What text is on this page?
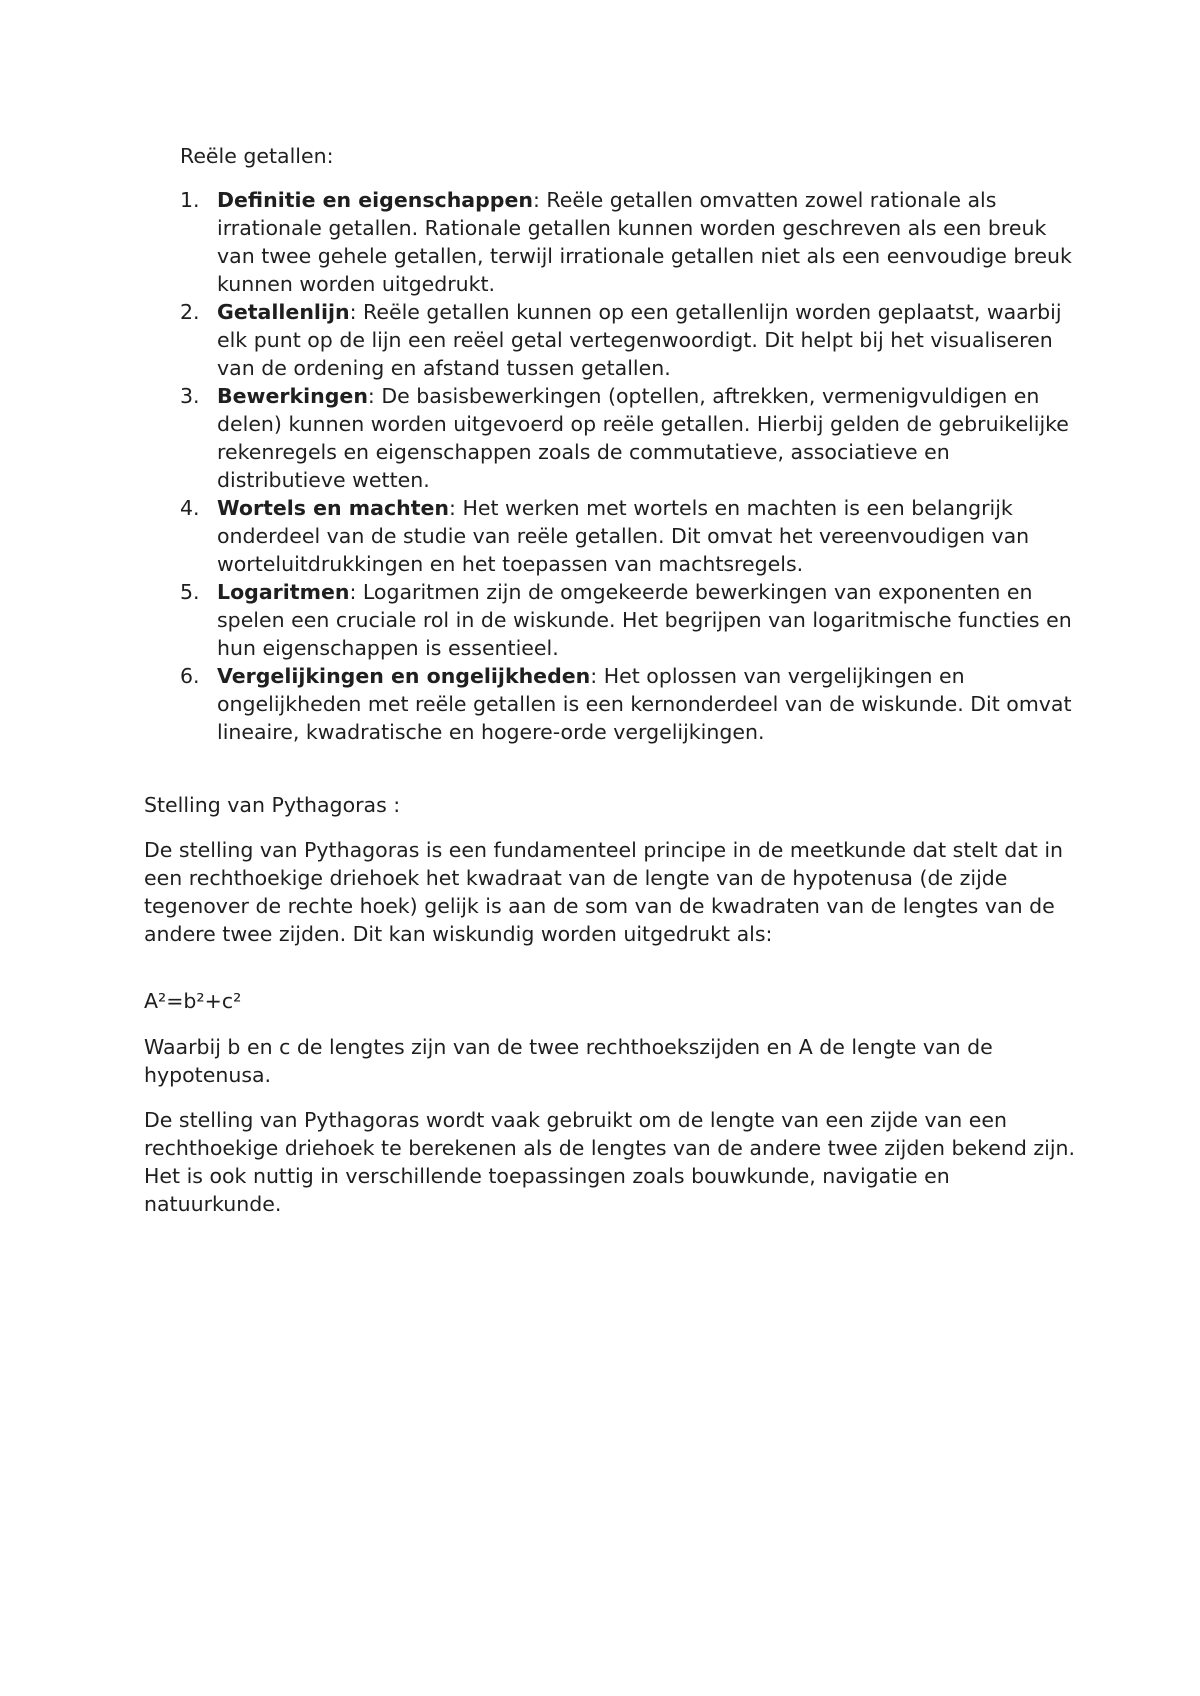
Reële getallen:

1. Definitie en eigenschappen: Reële getallen omvatten zowel rationale als irrationale getallen. Rationale getallen kunnen worden geschreven als een breuk van twee gehele getallen, terwijl irrationale getallen niet als een eenvoudige breuk kunnen worden uitgedrukt.
2. Getallenlijn: Reële getallen kunnen op een getallenlijn worden geplaatst, waarbij elk punt op de lijn een reëel getal vertegenwoordigt. Dit helpt bij het visualiseren van de ordening en afstand tussen getallen.
3. Bewerkingen: De basisbewerkingen (optellen, aftrekken, vermenigvuldigen en delen) kunnen worden uitgevoerd op reële getallen. Hierbij gelden de gebruikelijke rekenregels en eigenschappen zoals de commutatieve, associatieve en distributieve wetten.
4. Wortels en machten: Het werken met wortels en machten is een belangrijk onderdeel van de studie van reële getallen. Dit omvat het vereenvoudigen van worteluitdrukkingen en het toepassen van machtsregels.
5. Logaritmen: Logaritmen zijn de omgekeerde bewerkingen van exponenten en spelen een cruciale rol in de wiskunde. Het begrijpen van logaritmische functies en hun eigenschappen is essentieel.
6. Vergelijkingen en ongelijkheden: Het oplossen van vergelijkingen en ongelijkheden met reële getallen is een kernonderdeel van de wiskunde. Dit omvat lineaire, kwadratische en hogere-orde vergelijkingen.

Stelling van Pythagoras :

De stelling van Pythagoras is een fundamenteel principe in de meetkunde dat stelt dat in een rechthoekige driehoek het kwadraat van de lengte van de hypotenusa (de zijde tegenover de rechte hoek) gelijk is aan de som van de kwadraten van de lengtes van de andere twee zijden. Dit kan wiskundig worden uitgedrukt als:

A²=b²+c²

Waarbij b en c de lengtes zijn van de twee rechthoekszijden en A de lengte van de hypotenusa.

De stelling van Pythagoras wordt vaak gebruikt om de lengte van een zijde van een rechthoekige driehoek te berekenen als de lengtes van de andere twee zijden bekend zijn. Het is ook nuttig in verschillende toepassingen zoals bouwkunde, navigatie en natuurkunde.
